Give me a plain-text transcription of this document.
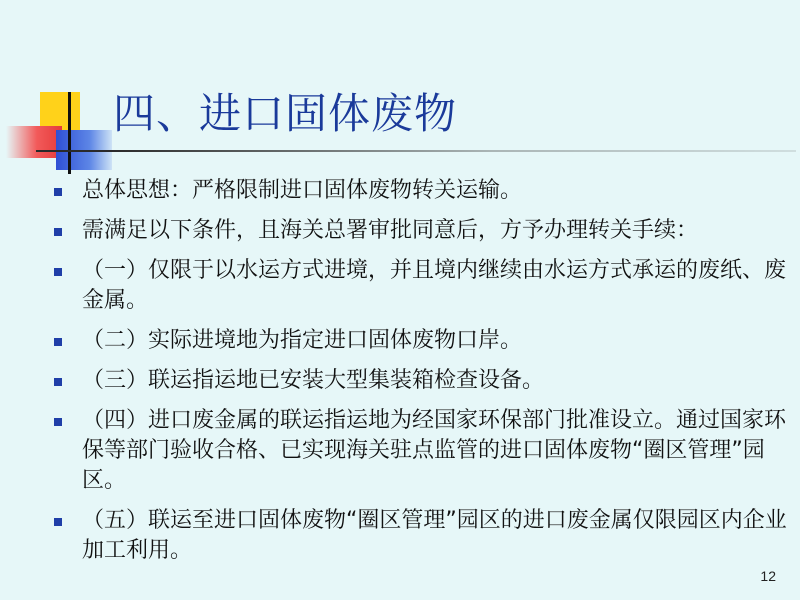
四、进口固体废物
总体思想：严格限制进口固体废物转关运输。
需满足以下条件，且海关总署审批同意后，方予办理转关手续：
（一）仅限于以水运方式进境，并且境内继续由水运方式承运的废纸、废金属。
（二）实际进境地为指定进口固体废物口岸。
（三）联运指运地已安装大型集装箱检查设备。
（四）进口废金属的联运指运地为经国家环保部门批准设立。通过国家环保等部门验收合格、已实现海关驻点监管的进口固体废物“圈区管理”园区。
（五）联运至进口固体废物“圈区管理”园区的进口废金属仅限园区内企业加工利用。
12
